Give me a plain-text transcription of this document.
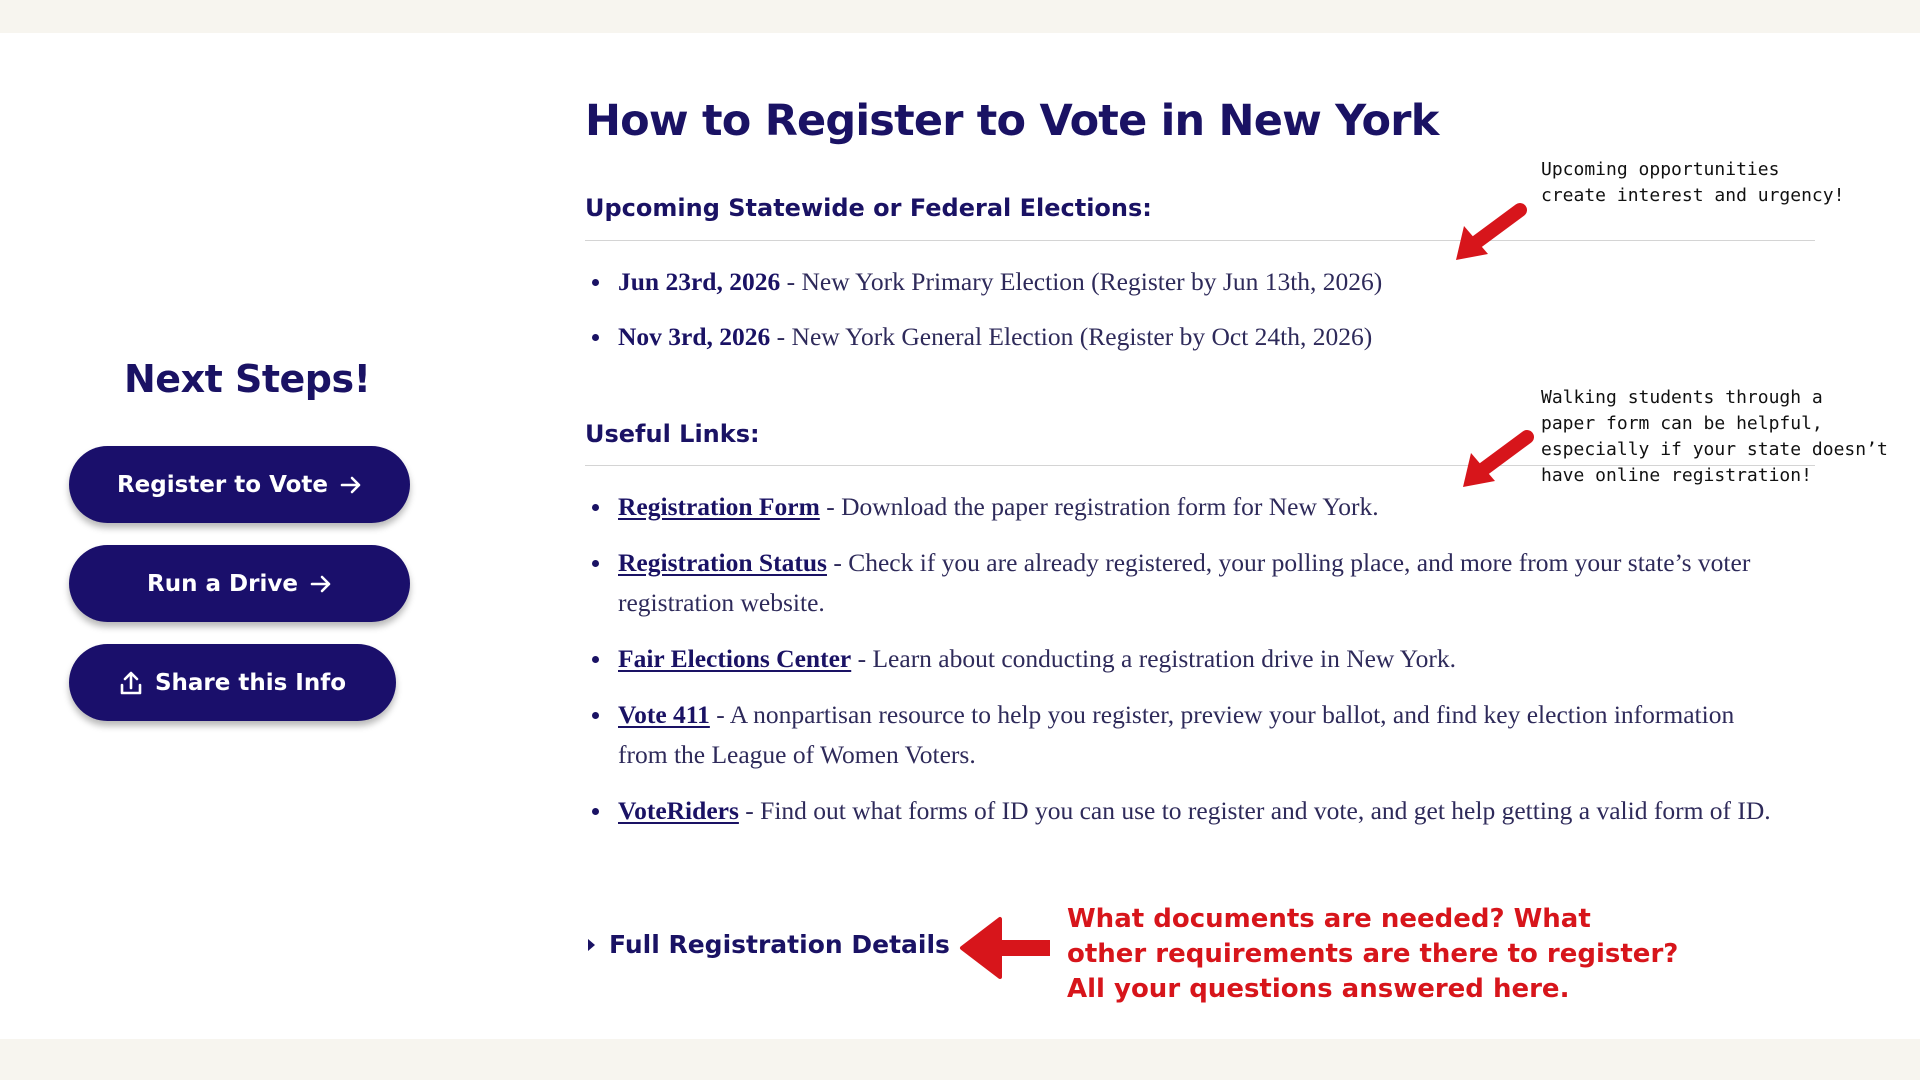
Next Steps!
Register to Vote
Run a Drive
Share this Info
How to Register to Vote in New York
Upcoming Statewide or Federal Elections:
Jun 23rd, 2026 - New York Primary Election (Register by Jun 13th, 2026)
Nov 3rd, 2026 - New York General Election (Register by Oct 24th, 2026)
Useful Links:
Registration Form - Download the paper registration form for New York.
Registration Status - Check if you are already registered, your polling place, and more from your state’s voter registration website.
Fair Elections Center - Learn about conducting a registration drive in New York.
Vote 411 - A nonpartisan resource to help you register, preview your ballot, and find key election information from the League of Women Voters.
VoteRiders - Find out what forms of ID you can use to register and vote, and get help getting a valid form of ID.
Full Registration Details
Upcoming opportunities
create interest and urgency!
Walking students through a
paper form can be helpful,
especially if your state doesn’t
have online registration!
What documents are needed? What
other requirements are there to register?
All your questions answered here.
